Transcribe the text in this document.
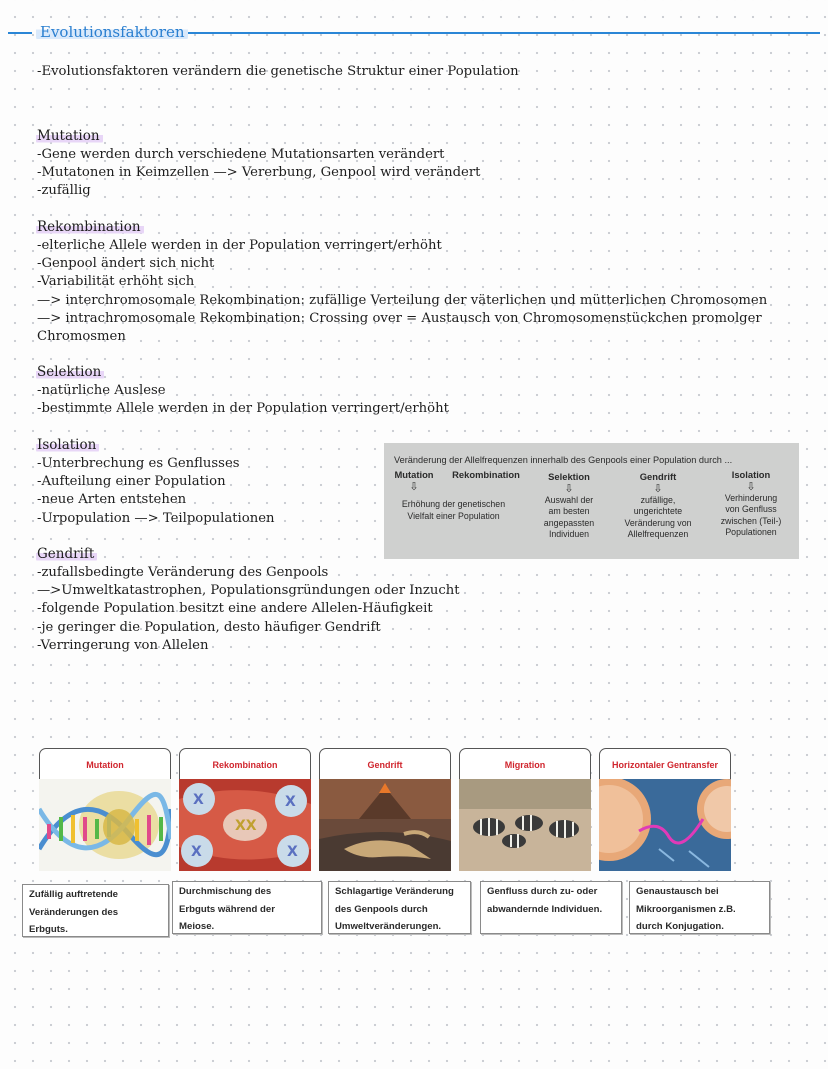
Evolutionsfaktoren
-Evolutionsfaktoren verändern die genetische Struktur einer Population
Mutation
-Gene werden durch verschiedene Mutationsarten verändert
-Mutatonen in Keimzellen —> Vererbung, Genpool wird verändert
-zufällig
Rekombination
-elterliche Allele werden in der Population verringert/erhöht
-Genpool ändert sich nicht
-Variabilität erhöht sich
—> interchromosomale Rekombination: zufällige Verteilung der väterlichen und mütterlichen Chromosomen
—> intrachromosomale Rekombination: Crossing over = Austausch von Chromosomenstückchen promolger
Chromosmen
Selektion
-natürliche Auslese
-bestimmte Allele werden in der Population verringert/erhöht
Isolation
-Unterbrechung es Genflusses
-Aufteilung einer Population
-neue Arten entstehen
-Urpopulation —> Teilpopulationen
Gendrift
-zufallsbedingte Veränderung des Genpools
—>Umweltkatastrophen, Populationsgründungen oder Inzucht
-folgende Population besitzt eine andere Allelen-Häufigkeit
-je geringer die Population, desto häufiger Gendrift
-Verringerung von Allelen
Veränderung der Allelfrequenzen innerhalb des Genpools einer Population durch ...
Mutation
⇩
Rekombination
Erhöhung der genetischen
Vielfalt einer Population
Selektion
⇩
Auswahl der
am besten
angepassten
Individuen
Gendrift
⇩
zufällige,
ungerichtete
Veränderung von
Allelfrequenzen
Isolation
⇩
Verhinderung
von Genfluss
zwischen (Teil-)
Populationen
Mutation	Rekombination
X	X
X	X
XX
Gendrift	Migration	Horizontaler Gentransfer
Zufällig auftretende
Veränderungen des
Erbguts.
Durchmischung des
Erbguts während der
Meiose.
Schlagartige Veränderung
des Genpools durch
Umweltveränderungen.
Genfluss durch zu- oder
abwandernde Individuen.
Genaustausch bei
Mikroorganismen z.B.
durch Konjugation.
